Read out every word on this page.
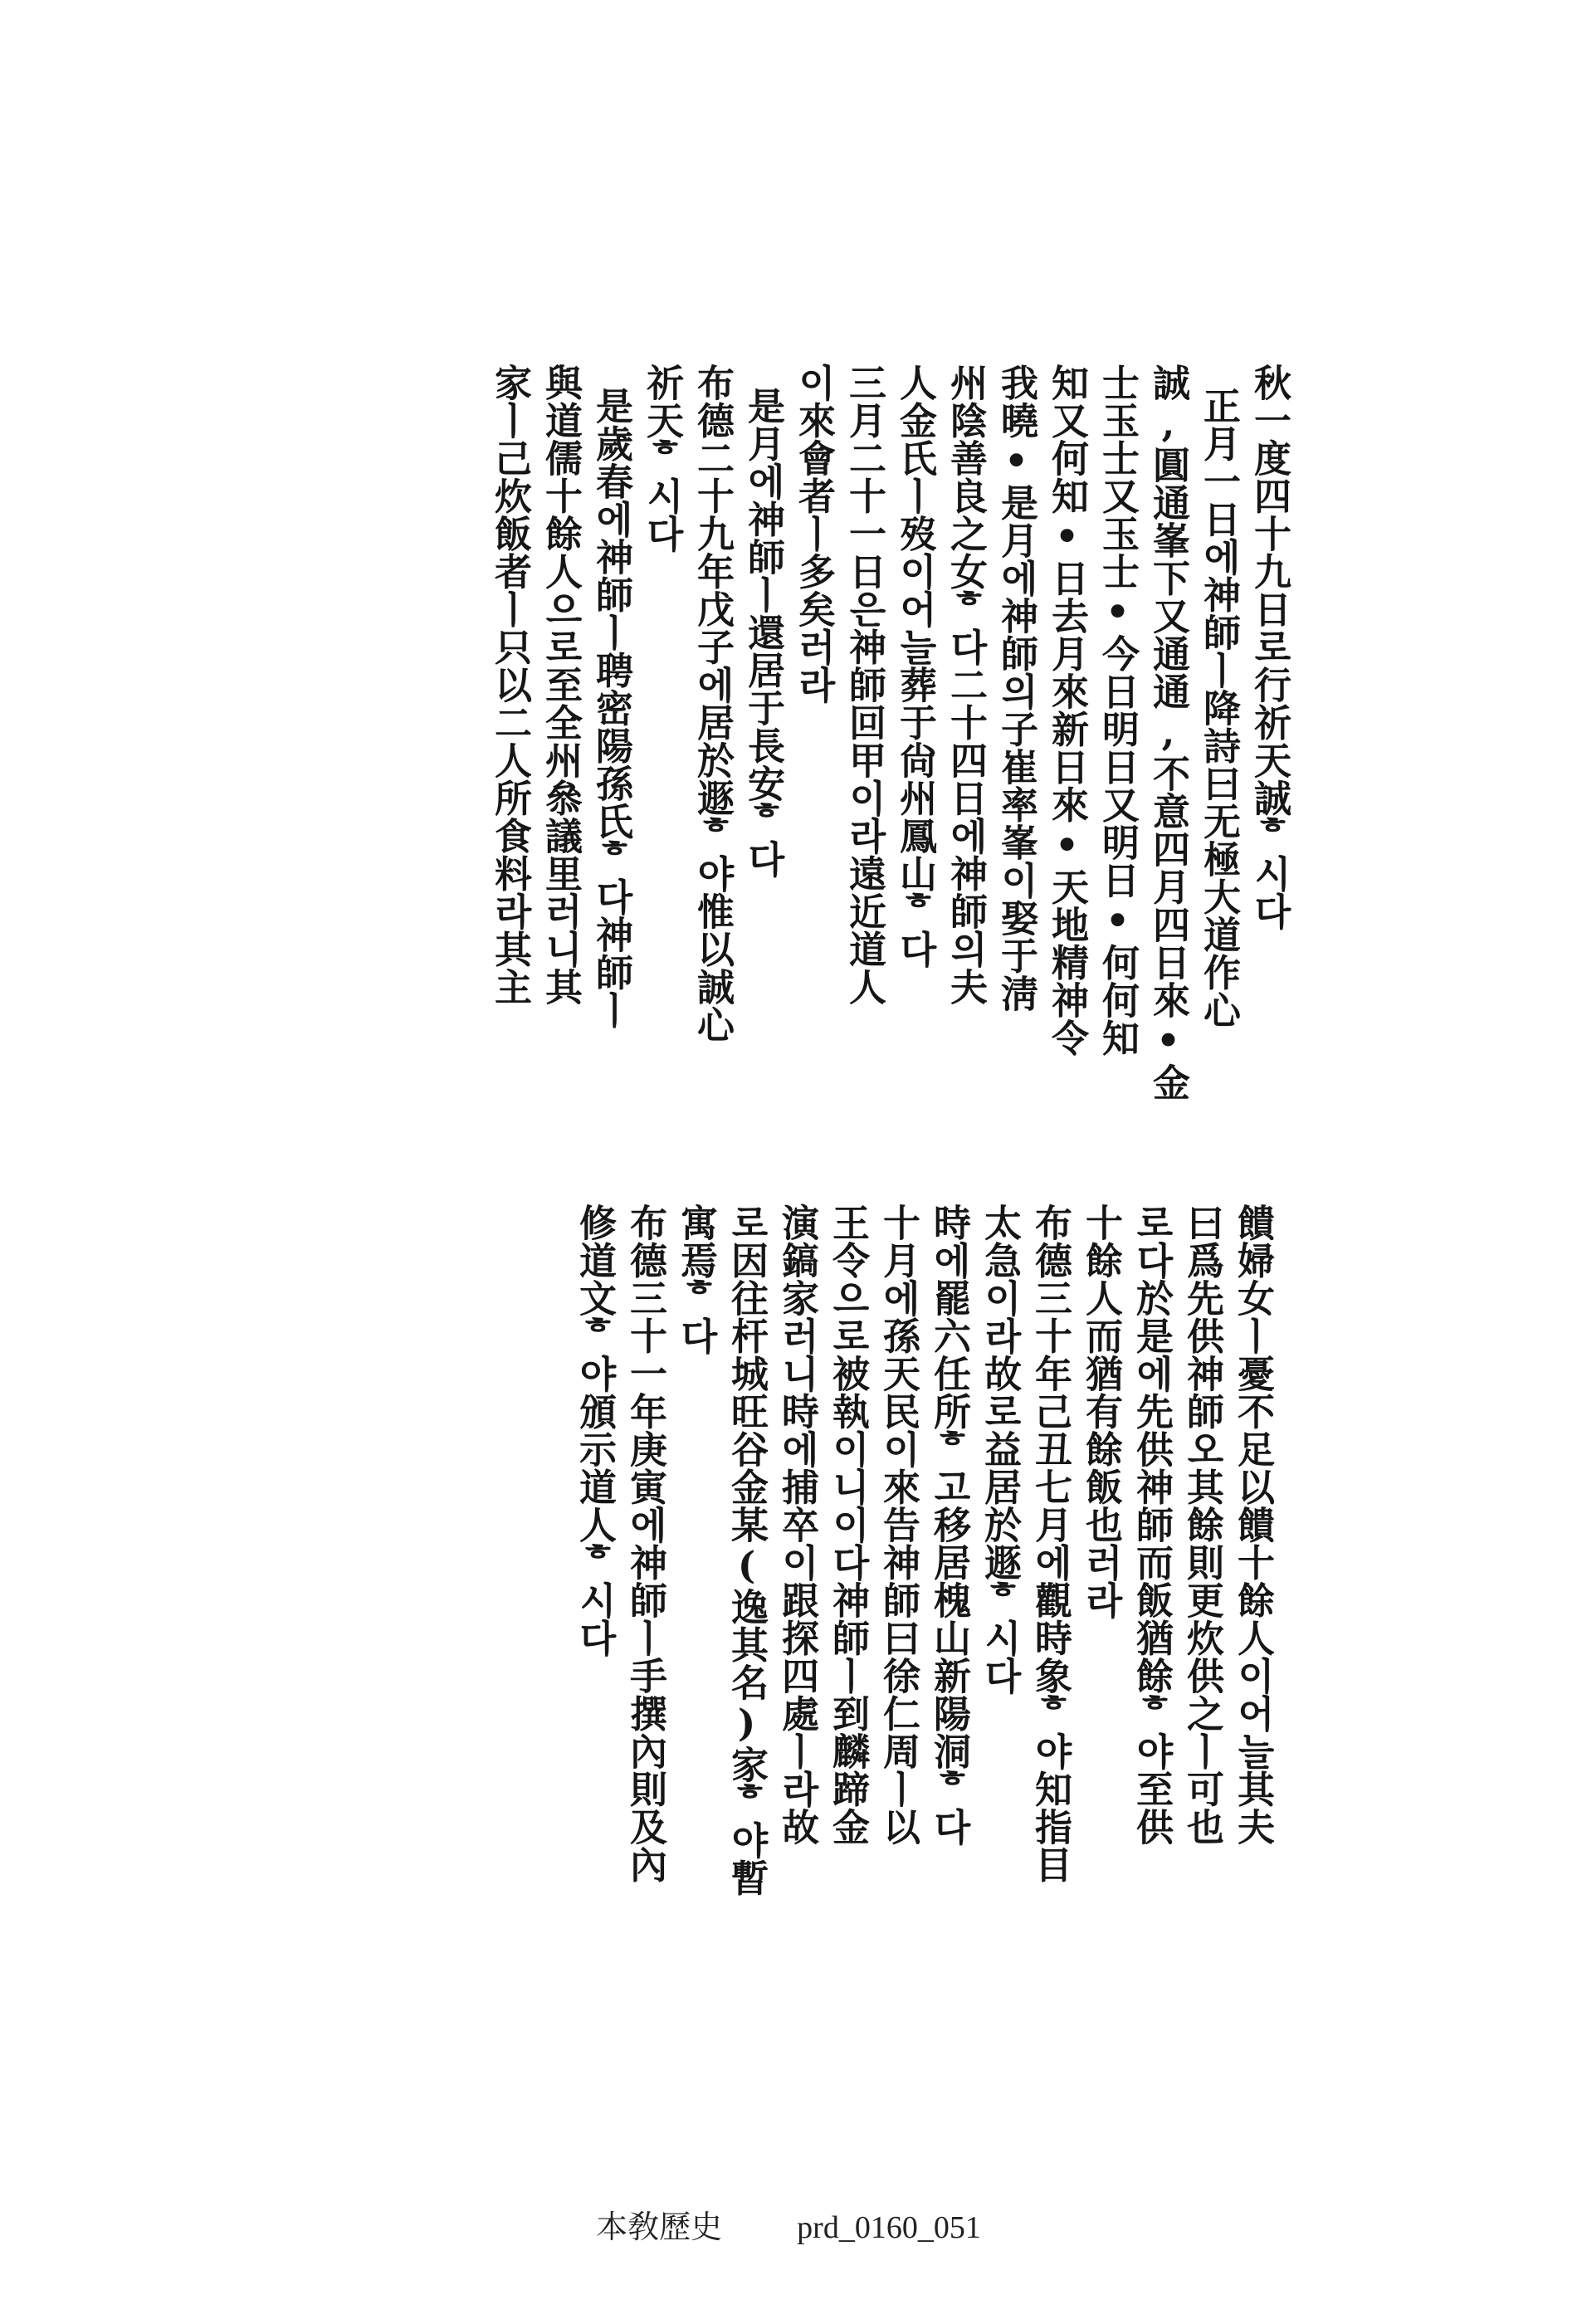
秋一度四十九日로行祈天誠ᄒ시다
正月一日에神師ㅣ降詩曰无極大道作心
誠,圓通峯下又通通,不意四月四日來•金
士玉士又玉士•今日明日又明日•何何知
知又何知•日去月來新日來•天地精神令
我曉•是月에神師의子崔率峯이娶于淸
州陰善良之女ᄒ다二十四日에神師의夫
人金氏ㅣ歿이어늘葬于尙州鳳山ᄒ다
三月二十一日은神師回甲이라遠近道人
이來會者ㅣ多矣러라
是月에神師ㅣ還居于長安ᄒ다
布德二十九年戊子에居於遯ᄒ야惟以誠心
祈天ᄒ시다
是歲春에神師ㅣ聘密陽孫氏ᄒ다神師ㅣ
與道儒十餘人으로至全州叅議里러니其
家ㅣ己炊飯者ㅣ只以二人所食料라其主
饋婦女ㅣ憂不足以饋十餘人이어늘其夫
曰爲先供神師오其餘則更炊供之ㅣ可也
로다於是에先供神師而飯猶餘ᄒ야至供
十餘人而猶有餘飯也러라
布德三十年己丑七月에觀時象ᄒ야知指目
太急이라故로益居於遯ᄒ시다
時에罷六任所ᄒ고移居槐山新陽洞ᄒ다
十月에孫天民이來告神師曰徐仁周ㅣ以
王令으로被執이니이다神師ㅣ到麟蹄金
演鎬家러니時에捕卒이跟探四處ㅣ라故
로因往杆城旺谷金某(逸其名)家ᄒ야暫
寓焉ᄒ다
布德三十一年庚寅에神師ㅣ手撰內則及內
修道文ᄒ야頒示道人ᄒ시다
本敎歷史 prd_0160_051
